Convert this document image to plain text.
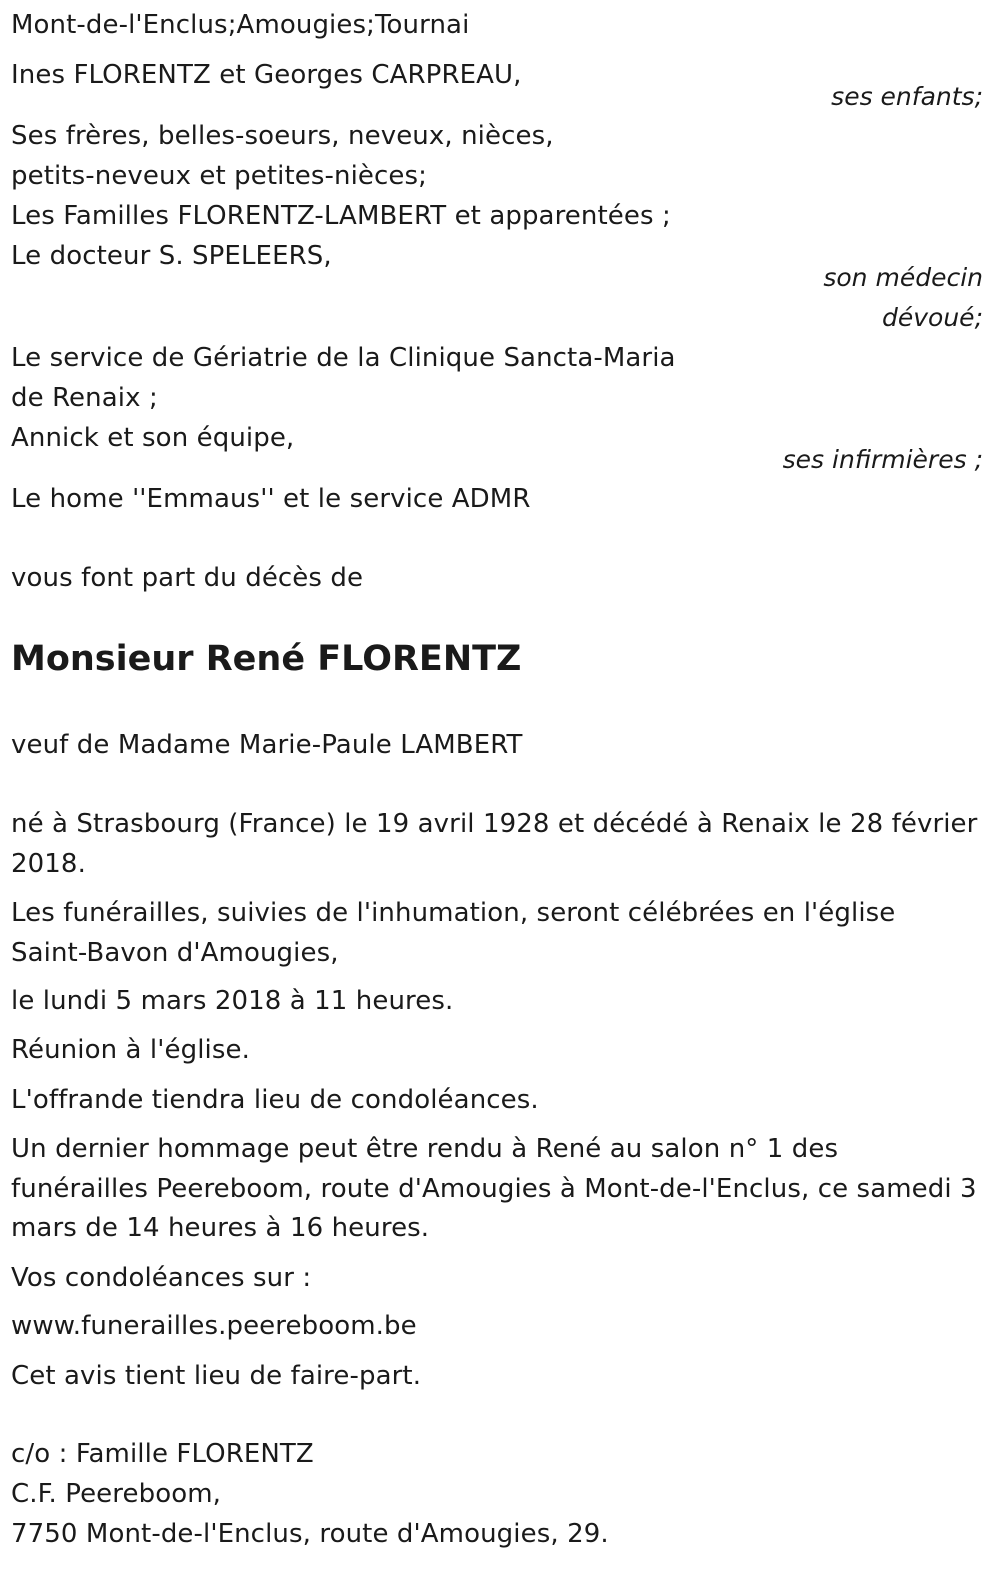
Mont-de-l'Enclus;Amougies;Tournai
Ines FLORENTZ et Georges CARPREAU,
ses enfants;
Ses frères, belles-soeurs, neveux, nièces,
petits-neveux et petites-nièces;
Les Familles FLORENTZ-LAMBERT et apparentées ;
Le docteur S. SPELEERS,
son médecin
dévoué;
Le service de Gériatrie de la Clinique Sancta-Maria
de Renaix ;
Annick et son équipe,
ses infirmières ;
Le home ''Emmaus'' et le service ADMR
vous font part du décès de
Monsieur René FLORENTZ
veuf de Madame Marie-Paule LAMBERT
né à Strasbourg (France) le 19 avril 1928 et décédé à Renaix le 28 février
2018.
Les funérailles, suivies de l'inhumation, seront célébrées en l'église
Saint-Bavon d'Amougies,
le lundi 5 mars 2018 à 11 heures.
Réunion à l'église.
L'offrande tiendra lieu de condoléances.
Un dernier hommage peut être rendu à René au salon n° 1 des
funérailles Peereboom, route d'Amougies à Mont-de-l'Enclus, ce samedi 3
mars de 14 heures à 16 heures.
Vos condoléances sur :
www.funerailles.peereboom.be
Cet avis tient lieu de faire-part.
c/o : Famille FLORENTZ
C.F. Peereboom,
7750 Mont-de-l'Enclus, route d'Amougies, 29.
